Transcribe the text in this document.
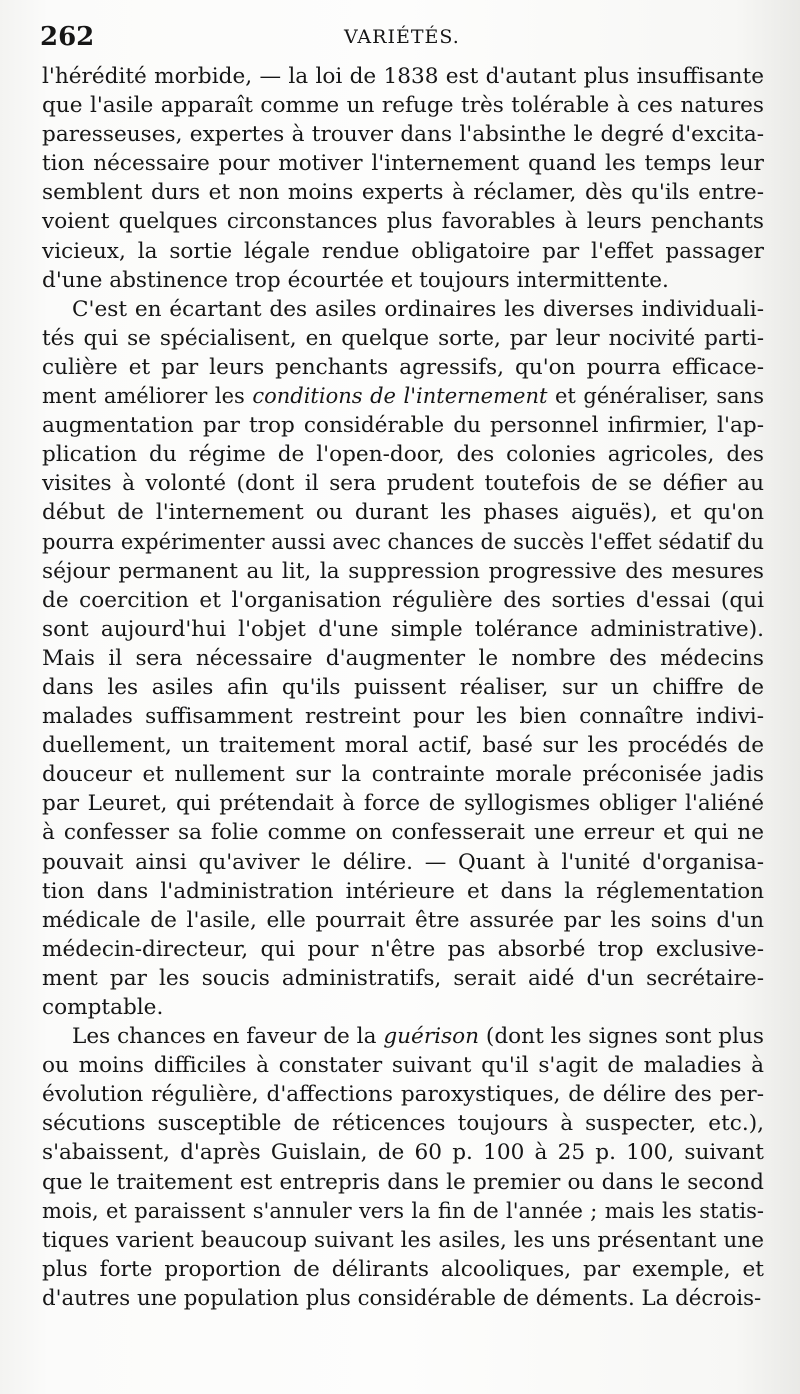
262	VARIÉTÉS.
l'hérédité morbide, — la loi de 1838 est d'autant plus insuffisante
que l'asile apparaît comme un refuge très tolérable à ces natures
paresseuses, expertes à trouver dans l'absinthe le degré d'excita-
tion nécessaire pour motiver l'internement quand les temps leur
semblent durs et non moins experts à réclamer, dès qu'ils entre-
voient quelques circonstances plus favorables à leurs penchants
vicieux, la sortie légale rendue obligatoire par l'effet passager
d'une abstinence trop écourtée et toujours intermittente.
C'est en écartant des asiles ordinaires les diverses individuali-
tés qui se spécialisent, en quelque sorte, par leur nocivité parti-
culière et par leurs penchants agressifs, qu'on pourra efficace-
ment améliorer les conditions de l'internement et généraliser, sans
augmentation par trop considérable du personnel infirmier, l'ap-
plication du régime de l'open-door, des colonies agricoles, des
visites à volonté (dont il sera prudent toutefois de se défier au
début de l'internement ou durant les phases aiguës), et qu'on
pourra expérimenter aussi avec chances de succès l'effet sédatif du
séjour permanent au lit, la suppression progressive des mesures
de coercition et l'organisation régulière des sorties d'essai (qui
sont aujourd'hui l'objet d'une simple tolérance administrative).
Mais il sera nécessaire d'augmenter le nombre des médecins
dans les asiles afin qu'ils puissent réaliser, sur un chiffre de
malades suffisamment restreint pour les bien connaître indivi-
duellement, un traitement moral actif, basé sur les procédés de
douceur et nullement sur la contrainte morale préconisée jadis
par Leuret, qui prétendait à force de syllogismes obliger l'aliéné
à confesser sa folie comme on confesserait une erreur et qui ne
pouvait ainsi qu'aviver le délire. — Quant à l'unité d'organisa-
tion dans l'administration intérieure et dans la réglementation
médicale de l'asile, elle pourrait être assurée par les soins d'un
médecin-directeur, qui pour n'être pas absorbé trop exclusive-
ment par les soucis administratifs, serait aidé d'un secrétaire-
comptable.
Les chances en faveur de la guérison (dont les signes sont plus
ou moins difficiles à constater suivant qu'il s'agit de maladies à
évolution régulière, d'affections paroxystiques, de délire des per-
sécutions susceptible de réticences toujours à suspecter, etc.),
s'abaissent, d'après Guislain, de 60 p. 100 à 25 p. 100, suivant
que le traitement est entrepris dans le premier ou dans le second
mois, et paraissent s'annuler vers la fin de l'année ; mais les statis-
tiques varient beaucoup suivant les asiles, les uns présentant une
plus forte proportion de délirants alcooliques, par exemple, et
d'autres une population plus considérable de déments. La décrois-
